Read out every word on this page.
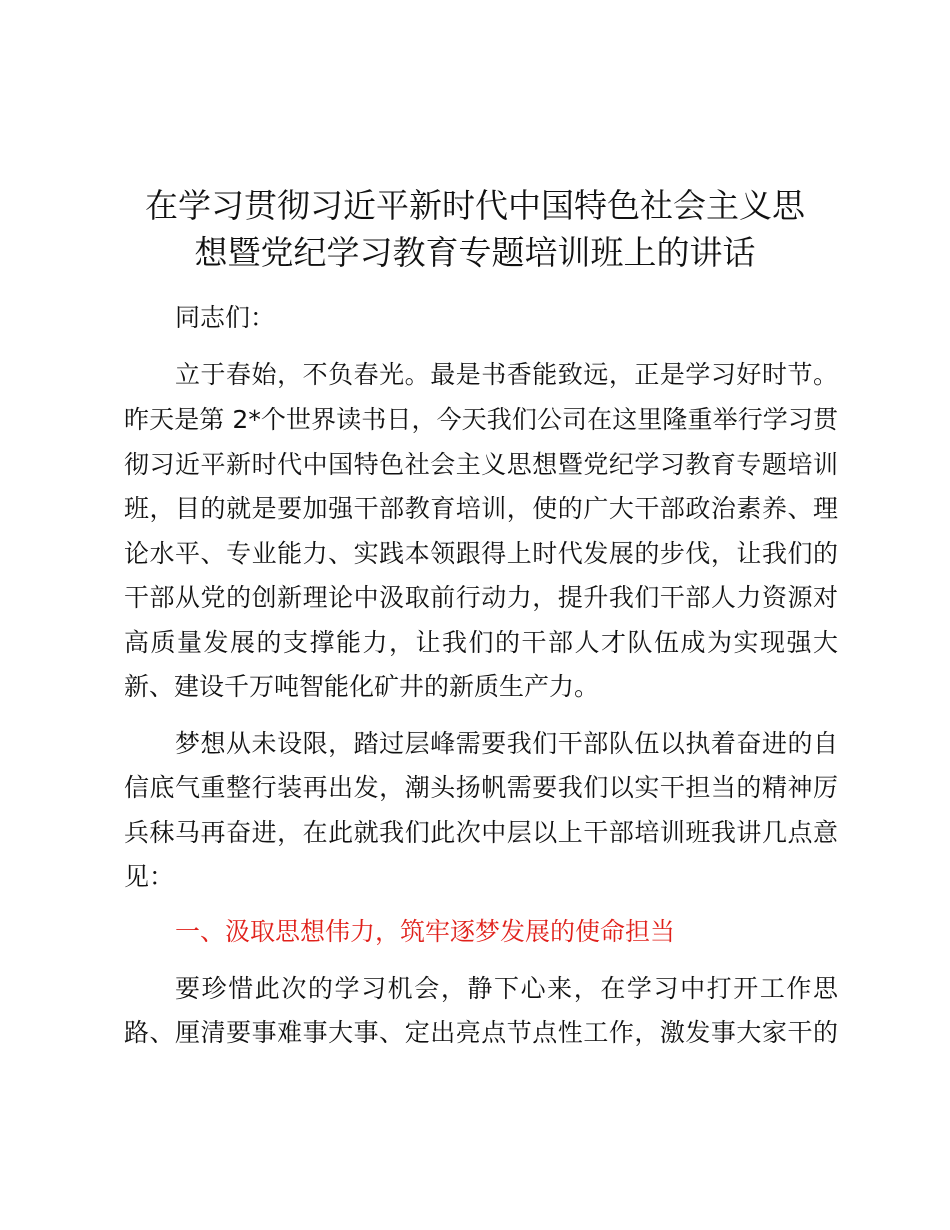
在学习贯彻习近平新时代中国特色社会主义思
想暨党纪学习教育专题培训班上的讲话
同志们：
立于春始，不负春光。最是书香能致远，正是学习好时节。
昨天是第 2*个世界读书日，今天我们公司在这里隆重举行学习贯
彻习近平新时代中国特色社会主义思想暨党纪学习教育专题培训
班，目的就是要加强干部教育培训，使的广大干部政治素养、理
论水平、专业能力、实践本领跟得上时代发展的步伐，让我们的
干部从党的创新理论中汲取前行动力，提升我们干部人力资源对
高质量发展的支撑能力，让我们的干部人才队伍成为实现强大
新、建设千万吨智能化矿井的新质生产力。
梦想从未设限，踏过层峰需要我们干部队伍以执着奋进的自
信底气重整行装再出发，潮头扬帆需要我们以实干担当的精神厉
兵秣马再奋进，在此就我们此次中层以上干部培训班我讲几点意
见：
一、汲取思想伟力，筑牢逐梦发展的使命担当
要珍惜此次的学习机会，静下心来，在学习中打开工作思
路、厘清要事难事大事、定出亮点节点性工作，激发事大家干的
